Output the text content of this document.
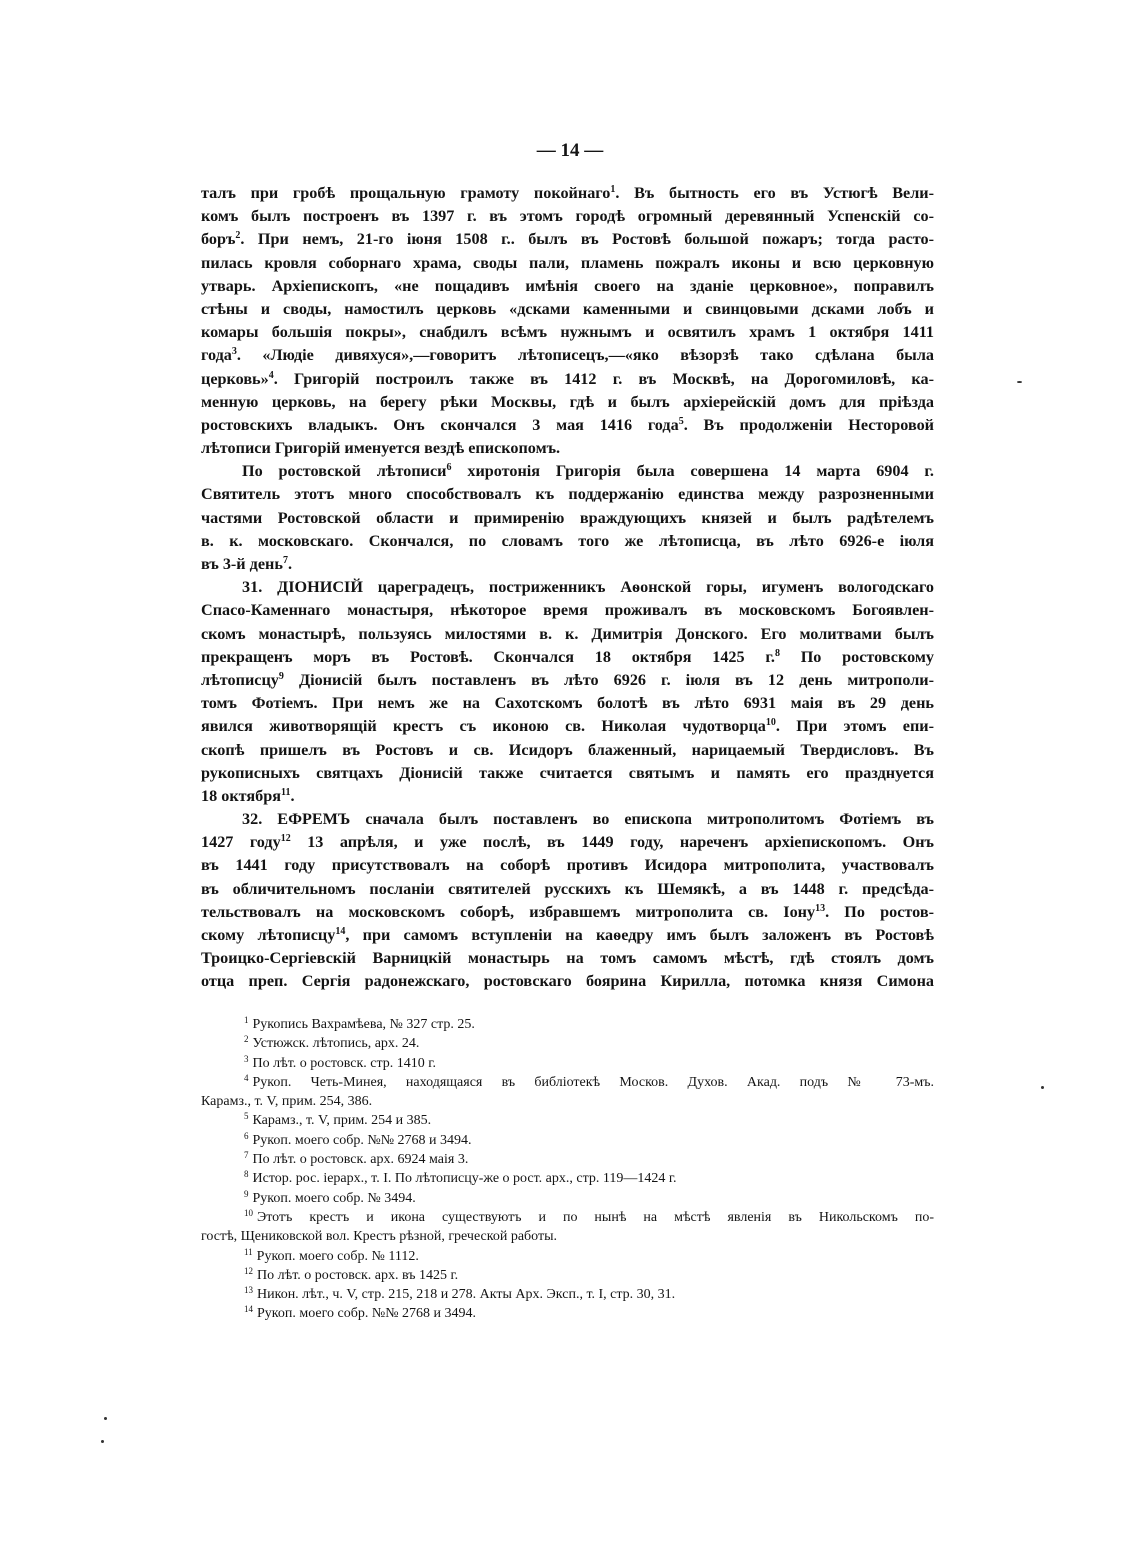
— 14 —
талъ при гробѣ прощальную грамоту покойнаго$^1$. Въ бытность его въ Устюгѣ Вели-
комъ былъ построенъ въ 1397 г. въ этомъ городѣ огромный деревянный Успенскій со-
боръ$^2$. При немъ, 21-го іюня 1508 г.. былъ въ Ростовѣ большой пожаръ; тогда расто-
пилась кровля соборнаго храма, своды пали, пламень пожралъ иконы и всю церковную
утварь. Архіепископъ, «не пощадивъ имѣнія своего на зданіе церковное», поправилъ
стѣны и своды, намостилъ церковь «дсками каменными и свинцовыми дсками лобъ и
комары большія покры», снабдилъ всѣмъ нужнымъ и освятилъ храмъ 1 октября 1411
года$^3$. «Людіе дивяхуся»,—говоритъ лѣтописецъ,—«яко вѣзорзѣ тако сдѣлана была
церковь»$^4$. Григорій построилъ также въ 1412 г. въ Москвѣ, на Дорогомиловѣ, ка-
менную церковь, на берегу рѣки Москвы, гдѣ и былъ архіерейскій домъ для пріѣзда
ростовскихъ владыкъ. Онъ скончался 3 мая 1416 года$^5$. Въ продолженіи Несторовой
лѣтописи Григорій именуется вездѣ епископомъ.
По ростовской лѣтописи$^6$ хиротонія Григорія была совершена 14 марта 6904 г.
Святитель этотъ много способствовалъ къ поддержанію единства между разрозненными
частями Ростовской области и примиренію враждующихъ князей и былъ радѣтелемъ
в. к. московскаго. Скончался, по словамъ того же лѣтописца, въ лѣто 6926-е іюля
въ 3-й день$^7$.
31. ДІОНИСІЙ цареградецъ, постриженникъ Аѳонской горы, игуменъ вологодскаго
Спасо-Каменнаго монастыря, нѣкоторое время проживалъ въ московскомъ Богоявлен-
скомъ монастырѣ, пользуясь милостями в. к. Димитрія Донского. Его молитвами былъ
прекращенъ моръ въ Ростовѣ. Скончался 18 октября 1425 г.$^8$ По ростовскому
лѣтописцу$^9$ Діонисій былъ поставленъ въ лѣто 6926 г. іюля въ 12 день митрополи-
томъ Фотіемъ. При немъ же на Сахотскомъ болотѣ въ лѣто 6931 маія въ 29 день
явился животворящій крестъ съ иконою св. Николая чудотворца$^{10}$. При этомъ епи-
скопѣ пришелъ въ Ростовъ и св. Исидоръ блаженный, нарицаемый Твердисловъ. Въ
рукописныхъ святцахъ Діонисій также считается святымъ и память его празднуется
18 октября$^{11}$.
32. ЕФРЕМЪ сначала былъ поставленъ во епископа митрополитомъ Фотіемъ въ
1427 году$^{12}$ 13 апрѣля, и уже послѣ, въ 1449 году, нареченъ архіепископомъ. Онъ
въ 1441 году присутствовалъ на соборѣ противъ Исидора митрополита, участвовалъ
въ обличительномъ посланіи святителей русскихъ къ Шемякѣ, а въ 1448 г. предсѣда-
тельствовалъ на московскомъ соборѣ, избравшемъ митрополита св. Іону$^{13}$. По ростов-
скому лѣтописцу$^{14}$, при самомъ вступленіи на каѳедру имъ былъ заложенъ въ Ростовѣ
Троицко-Сергіевскій Варницкій монастырь на томъ самомъ мѣстѣ, гдѣ стоялъ домъ
отца преп. Сергія радонежскаго, ростовскаго боярина Кирилла, потомка князя Симона
$^1$ Рукопись Вахрамѣева, № 327 стр. 25.
$^2$ Устюжск. лѣтопись, арх. 24.
$^3$ По лѣт. о ростовск. стр. 1410 г.
$^4$ Рукоп. Четь-Минея, находящаяся въ библіотекѣ Москов. Духов. Акад. подъ № 73-мъ.
Карамз., т. V, прим. 254, 386.
$^5$ Карамз., т. V, прим. 254 и 385.
$^6$ Рукоп. моего собр. №№ 2768 и 3494.
$^7$ По лѣт. о ростовск. арх. 6924 маія 3.
$^8$ Истор. рос. іерарх., т. I. По лѣтописцу-же о рост. арх., стр. 119—1424 г.
$^9$ Рукоп. моего собр. № 3494.
$^{10}$ Этотъ крестъ и икона существуютъ и по нынѣ на мѣстѣ явленія въ Никольскомъ по-
гостѣ, Щениковской вол. Крестъ рѣзной, греческой работы.
$^{11}$ Рукоп. моего собр. № 1112.
$^{12}$ По лѣт. о ростовск. арх. въ 1425 г.
$^{13}$ Никон. лѣт., ч. V, стр. 215, 218 и 278. Акты Арх. Эксп., т. I, стр. 30, 31.
$^{14}$ Рукоп. моего собр. №№ 2768 и 3494.
